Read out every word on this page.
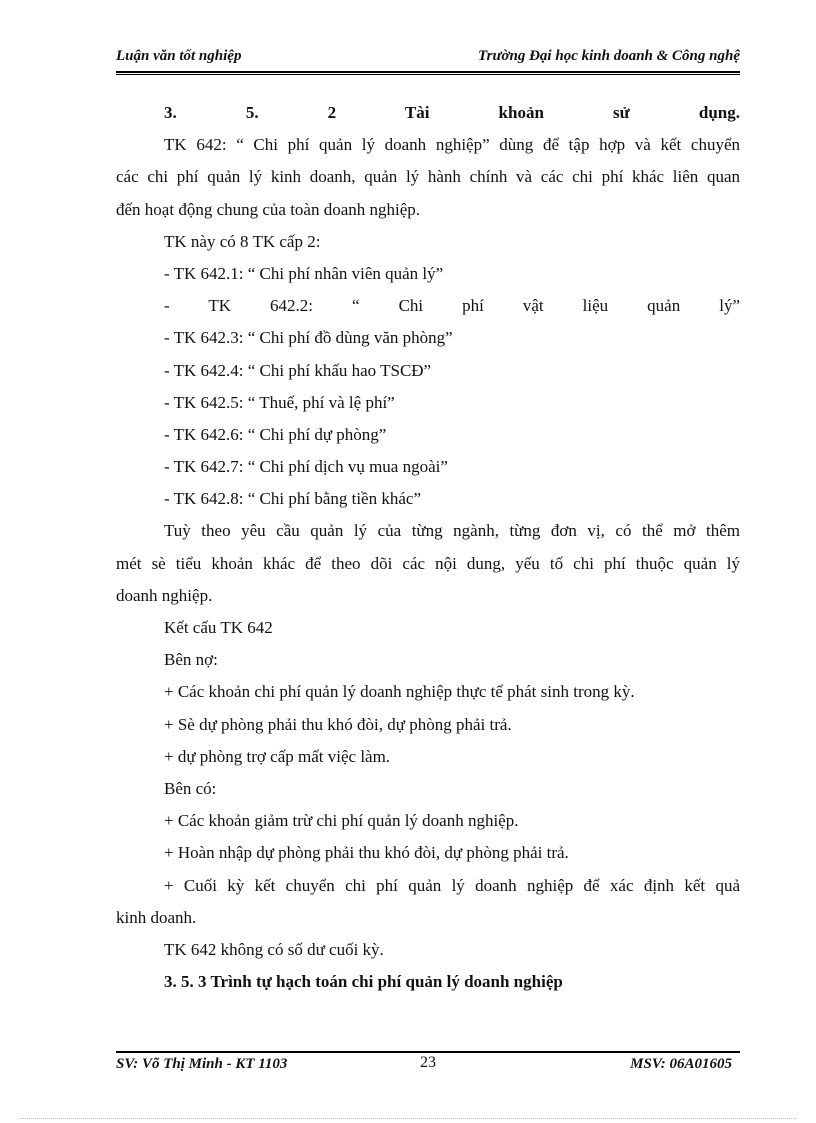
Luận văn tốt nghiệp	Trường Đại học kinh doanh & Công nghệ
3. 5. 2 Tài khoản sử dụng.
TK 642: “ Chi phí quản lý doanh nghiệp” dùng để tập hợp và kết chuyển
các chi phí quản lý kinh doanh, quản lý hành chính và các chi phí khác liên quan
đến hoạt động chung của toàn doanh nghiệp.
TK này có 8 TK cấp 2:
- TK 642.1: “ Chi phí nhân viên quản lý”
- TK 642.2: “ Chi phí vật liệu quản lý”
- TK 642.3: “ Chi phí đồ dùng văn phòng”
- TK 642.4: “ Chi phí khấu hao TSCĐ”
- TK 642.5: “ Thuế, phí và lệ phí”
- TK 642.6: “ Chi phí dự phòng”
- TK 642.7: “ Chi phí dịch vụ mua ngoài”
- TK 642.8: “ Chi phí bằng tiền khác”
Tuỳ theo yêu cầu quản lý của từng ngành, từng đơn vị, có thể mở thêm
mét sè tiểu khoản khác để theo dõi các nội dung, yếu tố chi phí thuộc quản lý
doanh nghiệp.
Kết cấu TK 642
Bên nợ:
+ Các khoản chi phí quản lý doanh nghiệp thực tế phát sinh trong kỳ.
+ Sè dự phòng phải thu khó đòi, dự phòng phải trả.
+ dự phòng trợ cấp mất việc làm.
Bên có:
+ Các khoản giảm trừ chi phí quản lý doanh nghiệp.
+ Hoàn nhập dự phòng phải thu khó đòi, dự phòng phải trả.
+ Cuối kỳ kết chuyển chi phí quản lý doanh nghiệp để xác định kết quả
kinh doanh.
TK 642 không có số dư cuối kỳ.
3. 5. 3 Trình tự hạch toán chi phí quản lý doanh nghiệp
SV: Võ Thị Minh - KT 1103	23	MSV: 06A01605
